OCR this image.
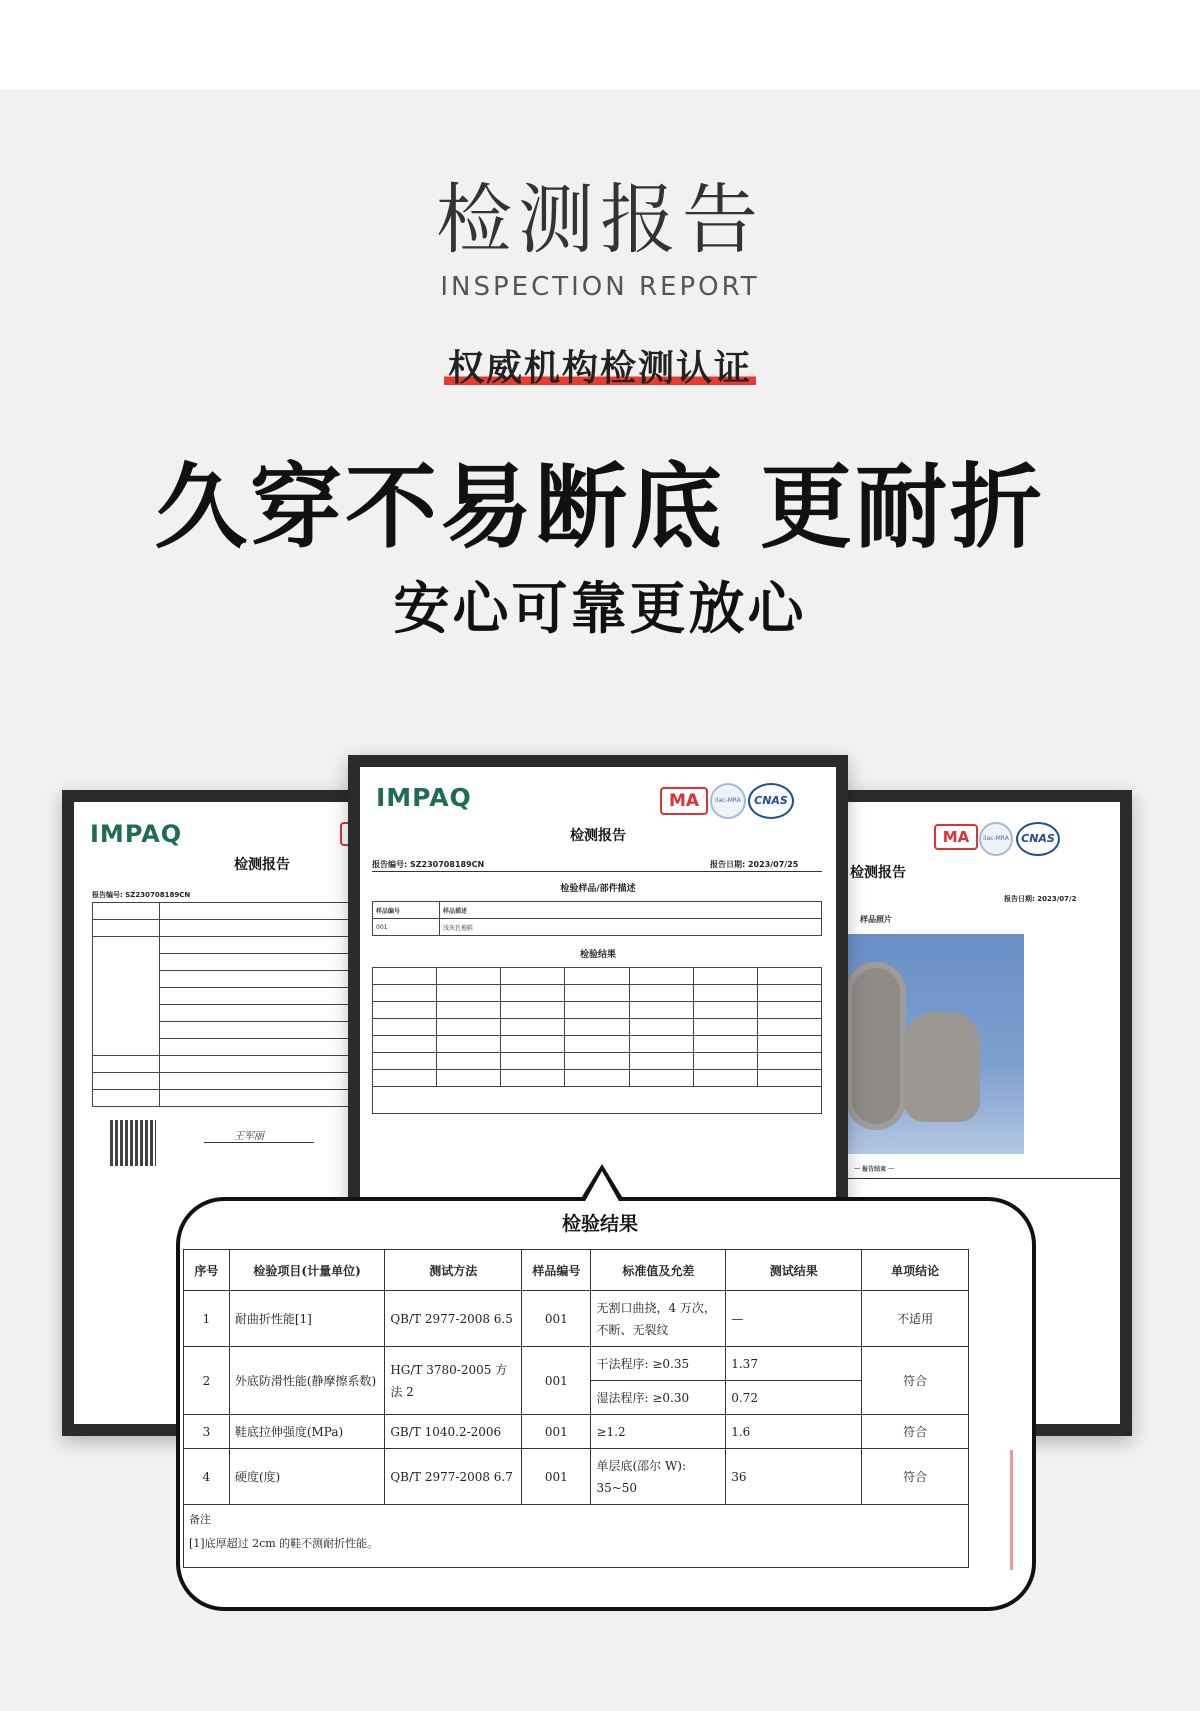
检测报告
INSPECTION REPORT
权威机构检测认证
久穿不易断底 更耐折
安心可靠更放心
IMPAQ
检测报告
报告编号: SZ230708189CN

王军丽
MA	ilac-MRA	CNAS
检测报告
报告日期: 2023/07/2
样品照片
一 报告结束 一
IMPAQ	MA	ilac-MRA	CNAS
检测报告
报告编号: SZ230708189CN	报告日期: 2023/07/25
检验样品/部件描述
样品编号	样品描述
001	浅灰色拖鞋
检验结果

检验结果
序号	检验项目(计量单位)	测试方法	样品编号	标准值及允差	测试结果	单项结论
1	耐曲折性能[1]	QB/T 2977-2008 6.5	001	无割口曲挠，4 万次，不断、无裂纹	—	不适用
2	外底防滑性能(静摩擦系数)	HG/T 3780-2005 方法 2	001	干法程序: ≥0.35	1.37	符合
				湿法程序: ≥0.30	0.72	
3	鞋底拉伸强度(MPa)	GB/T 1040.2-2006	001	≥1.2	1.6	符合
4	硬度(度)	QB/T 2977-2008 6.7	001	单层底(邵尔 W): 35~50	36	符合

备注
[1]底厚超过 2cm 的鞋不测耐折性能。						
